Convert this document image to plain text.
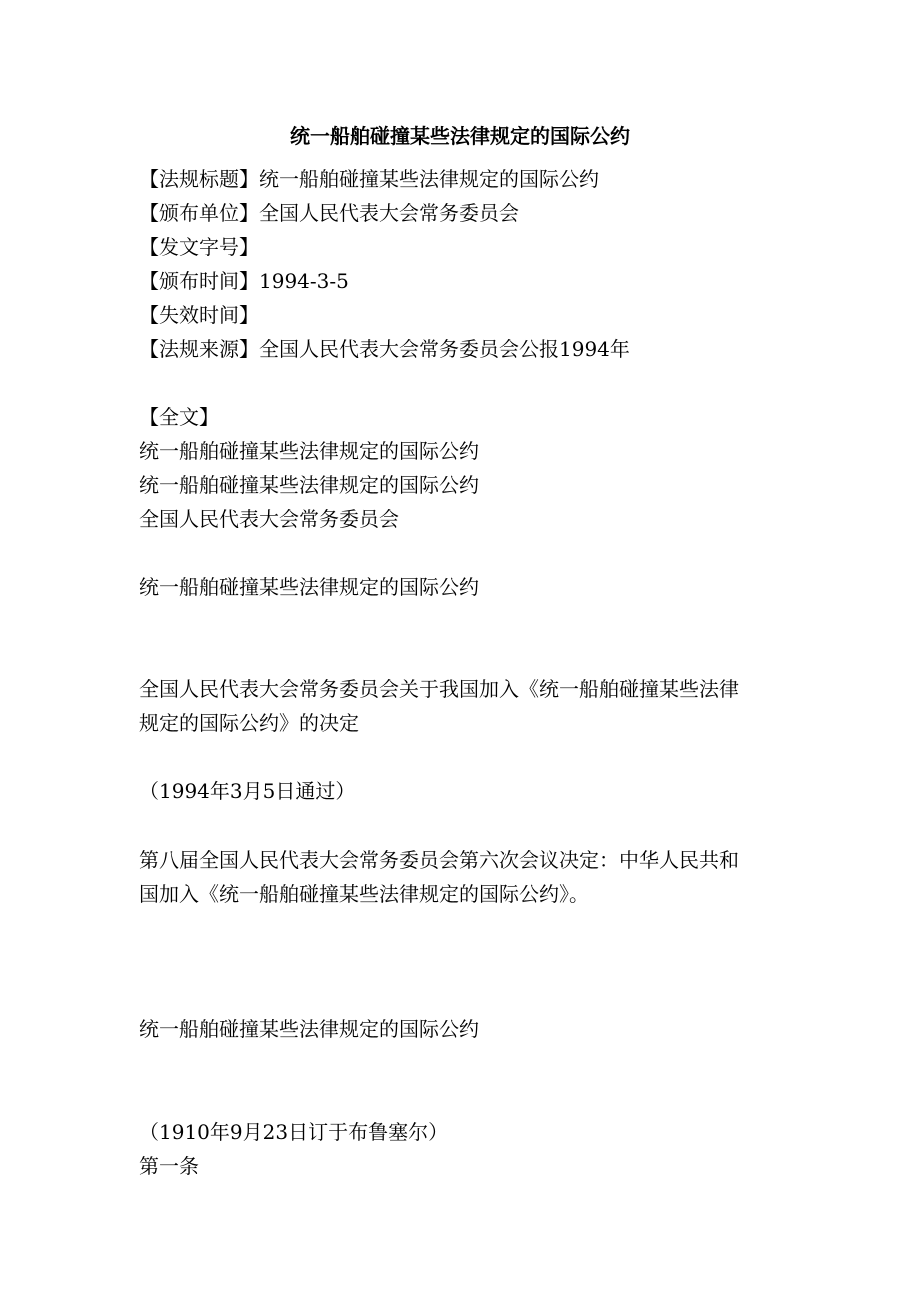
统一船舶碰撞某些法律规定的国际公约
【法规标题】统一船舶碰撞某些法律规定的国际公约
【颁布单位】全国人民代表大会常务委员会
【发文字号】
【颁布时间】1994-3-5
【失效时间】
【法规来源】全国人民代表大会常务委员会公报1994年
【全文】
统一船舶碰撞某些法律规定的国际公约
统一船舶碰撞某些法律规定的国际公约
全国人民代表大会常务委员会
统一船舶碰撞某些法律规定的国际公约
全国人民代表大会常务委员会关于我国加入《统一船舶碰撞某些法律
规定的国际公约》的决定
（1994年3月5日通过）
第八届全国人民代表大会常务委员会第六次会议决定：中华人民共和
国加入《统一船舶碰撞某些法律规定的国际公约》。
统一船舶碰撞某些法律规定的国际公约
（1910年9月23日订于布鲁塞尔）
第一条
